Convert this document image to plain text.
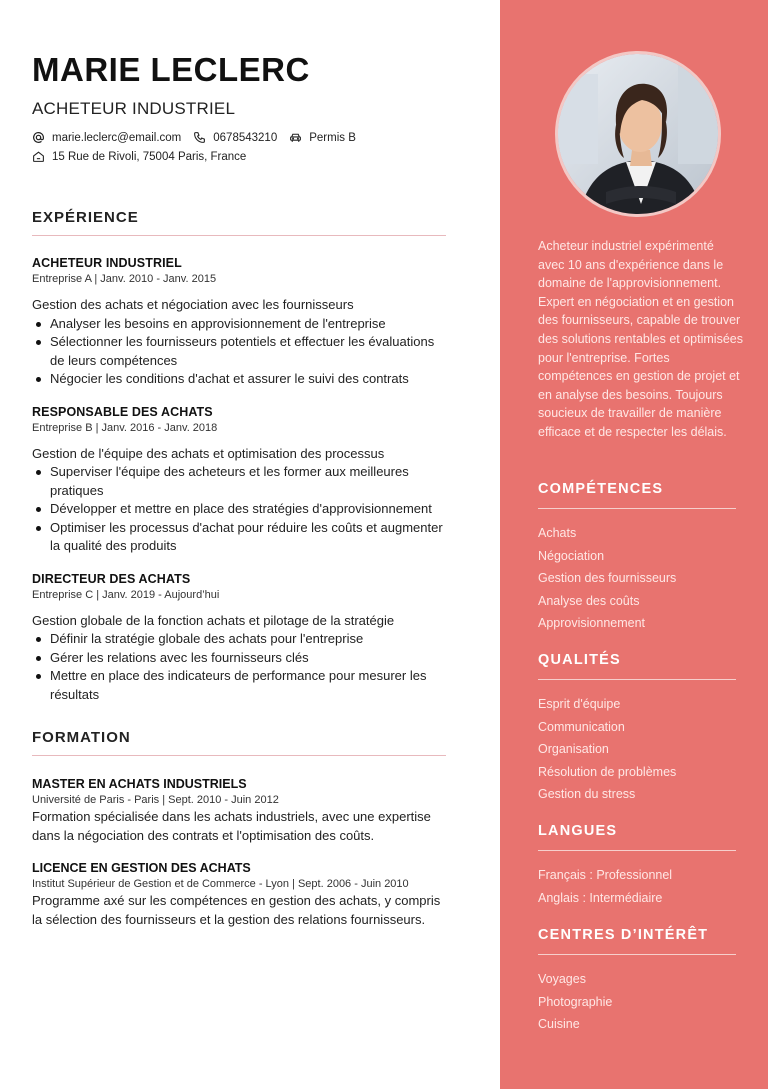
MARIE LECLERC
ACHETEUR INDUSTRIEL
marie.leclerc@email.com	0678543210	Permis B
15 Rue de Rivoli, 75004 Paris, France
EXPÉRIENCE
ACHETEUR INDUSTRIEL
Entreprise A | Janv. 2010 - Janv. 2015
Gestion des achats et négociation avec les fournisseurs
Analyser les besoins en approvisionnement de l'entreprise
Sélectionner les fournisseurs potentiels et effectuer les évaluations de leurs compétences
Négocier les conditions d'achat et assurer le suivi des contrats
RESPONSABLE DES ACHATS
Entreprise B | Janv. 2016 - Janv. 2018
Gestion de l'équipe des achats et optimisation des processus
Superviser l'équipe des acheteurs et les former aux meilleures pratiques
Développer et mettre en place des stratégies d'approvisionnement
Optimiser les processus d'achat pour réduire les coûts et augmenter la qualité des produits
DIRECTEUR DES ACHATS
Entreprise C | Janv. 2019 - Aujourd’hui
Gestion globale de la fonction achats et pilotage de la stratégie
Définir la stratégie globale des achats pour l'entreprise
Gérer les relations avec les fournisseurs clés
Mettre en place des indicateurs de performance pour mesurer les résultats
FORMATION
MASTER EN ACHATS INDUSTRIELS
Université de Paris - Paris | Sept. 2010 - Juin 2012
Formation spécialisée dans les achats industriels, avec une expertise dans la négociation des contrats et l'optimisation des coûts.
LICENCE EN GESTION DES ACHATS
Institut Supérieur de Gestion et de Commerce - Lyon | Sept. 2006 - Juin 2010
Programme axé sur les compétences en gestion des achats, y compris la sélection des fournisseurs et la gestion des relations fournisseurs.
Acheteur industriel expérimenté avec 10 ans d'expérience dans le domaine de l'approvisionnement. Expert en négociation et en gestion des fournisseurs, capable de trouver des solutions rentables et optimisées pour l'entreprise. Fortes compétences en gestion de projet et en analyse des besoins. Toujours soucieux de travailler de manière efficace et de respecter les délais.
COMPÉTENCES
Achats
Négociation
Gestion des fournisseurs
Analyse des coûts
Approvisionnement
QUALITÉS
Esprit d'équipe
Communication
Organisation
Résolution de problèmes
Gestion du stress
LANGUES
Français : Professionnel
Anglais : Intermédiaire
CENTRES D’INTÉRÊT
Voyages
Photographie
Cuisine
